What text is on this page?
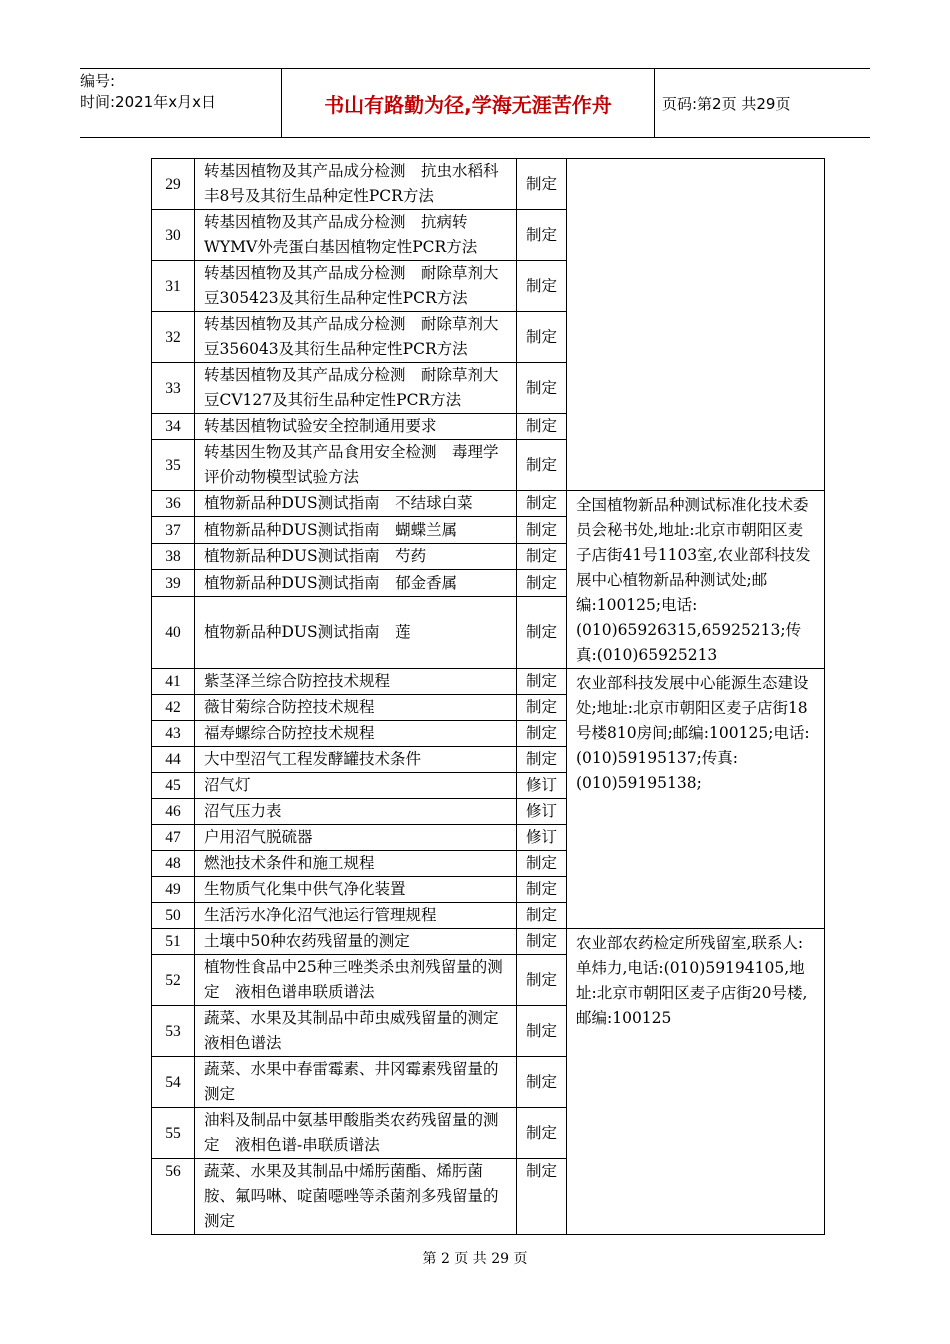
编号:
时间:2021年x月x日	书山有路勤为径,学海无涯苦作舟	页码:第2页 共29页
29	转基因植物及其产品成分检测　抗虫水稻科丰8号及其衍生品种定性PCR方法	制定	
30	转基因植物及其产品成分检测　抗病转WYMV外壳蛋白基因植物定性PCR方法	制定	
31	转基因植物及其产品成分检测　耐除草剂大豆305423及其衍生品种定性PCR方法	制定	
32	转基因植物及其产品成分检测　耐除草剂大豆356043及其衍生品种定性PCR方法	制定	
33	转基因植物及其产品成分检测　耐除草剂大豆CV127及其衍生品种定性PCR方法	制定	
34	转基因植物试验安全控制通用要求	制定	
35	转基因生物及其产品食用安全检测　毒理学评价动物模型试验方法	制定	
36	植物新品种DUS测试指南　不结球白菜	制定	全国植物新品种测试标准化技术委员会秘书处,地址:北京市朝阳区麦子店街41号1103室,农业部科技发展中心植物新品种测试处;邮编:100125;电话:(010)65926315,65925213;传真:(010)65925213
37	植物新品种DUS测试指南　蝴蝶兰属	制定	
38	植物新品种DUS测试指南　芍药	制定	
39	植物新品种DUS测试指南　郁金香属	制定	
40	植物新品种DUS测试指南　莲	制定	
41	紫茎泽兰综合防控技术规程	制定	农业部科技发展中心能源生态建设处;地址:北京市朝阳区麦子店街18号楼810房间;邮编:100125;电话:(010)59195137;传真:(010)59195138;
42	薇甘菊综合防控技术规程	制定	
43	福寿螺综合防控技术规程	制定	
44	大中型沼气工程发酵罐技术条件	制定	
45	沼气灯	修订	
46	沼气压力表	修订	
47	户用沼气脱硫器	修订	
48	燃池技术条件和施工规程	制定	
49	生物质气化集中供气净化装置	制定	
50	生活污水净化沼气池运行管理规程	制定	
51	土壤中50种农药残留量的测定	制定	农业部农药检定所残留室,联系人:单炜力,电话:(010)59194105,地址:北京市朝阳区麦子店街20号楼,邮编:100125
52	植物性食品中25种三唑类杀虫剂残留量的测定　液相色谱串联质谱法	制定	
53	蔬菜、水果及其制品中茚虫威残留量的测定　液相色谱法	制定	
54	蔬菜、水果中春雷霉素、井冈霉素残留量的测定	制定	
55	油料及制品中氨基甲酸脂类农药残留量的测定　液相色谱-串联质谱法	制定	
56	蔬菜、水果及其制品中烯肟菌酯、烯肟菌胺、氟吗啉、啶菌噁唑等杀菌剂多残留量的测定	制定	
第 2 页 共 29 页
